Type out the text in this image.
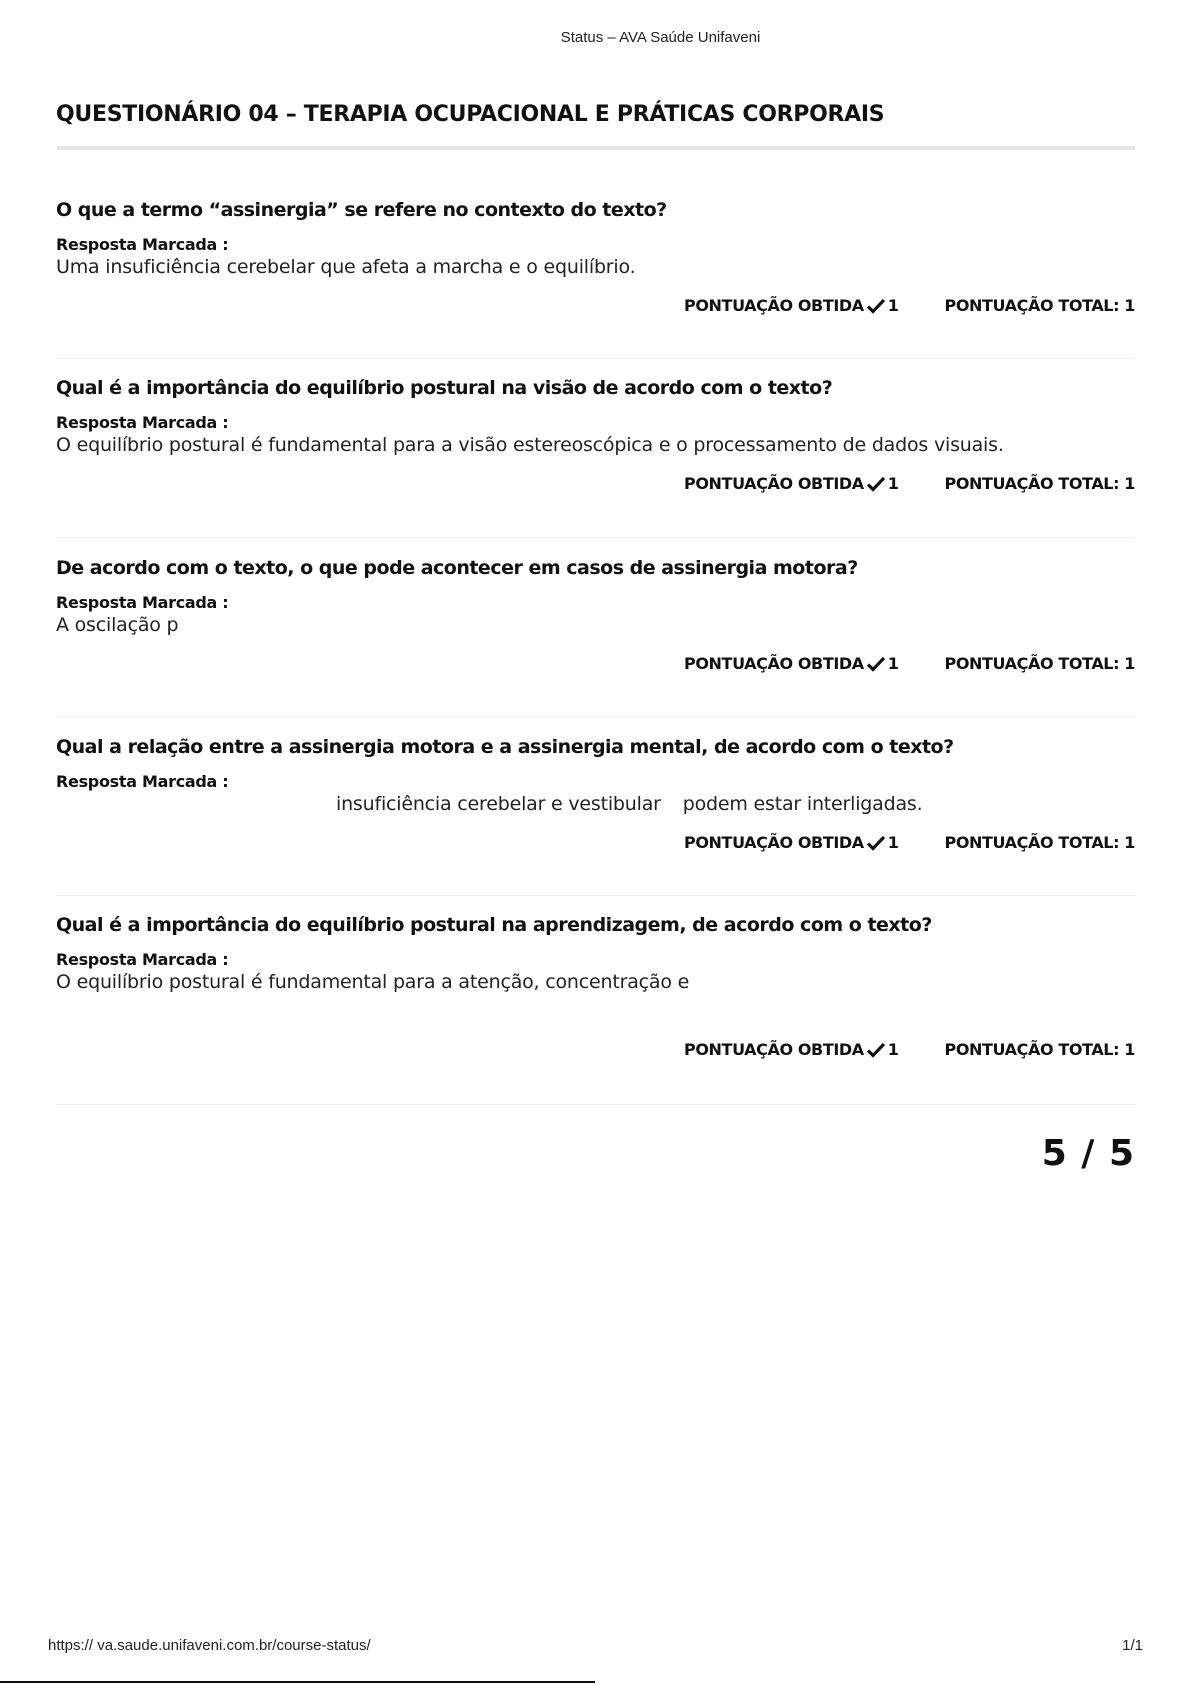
Status – AVA Saúde Unifaveni
QUESTIONÁRIO 04 – TERAPIA OCUPACIONAL E PRÁTICAS CORPORAIS

O que a termo “assinergia” se refere no contexto do texto?

Resposta Marcada :
Uma insuficiência cerebelar que afeta a marcha e o equilíbrio.
PONTUAÇÃO OBTIDA 1	PONTUAÇÃO TOTAL:
1

Qual é a importância do equilíbrio postural na visão de acordo com o texto?

Resposta Marcada :
O equilíbrio postural é fundamental para a visão estereoscópica e o processamento de dados visuais.
PONTUAÇÃO OBTIDA 1	PONTUAÇÃO TOTAL:
1

De acordo com o texto, o que pode acontecer em casos de assinergia motora?

Resposta Marcada :
A oscilação p
PONTUAÇÃO OBTIDA 1	PONTUAÇÃO TOTAL:
1

Qual a relação entre a assinergia motora e a assinergia mental, de acordo com o texto?

Resposta Marcada :
insuficiência cerebelar e vestibular podem estar interligadas.
PONTUAÇÃO OBTIDA 1	PONTUAÇÃO TOTAL:
1

Qual é a importância do equilíbrio postural na aprendizagem, de acordo com o texto?

Resposta Marcada :
O equilíbrio postural é fundamental para a atenção, concentração e
PONTUAÇÃO OBTIDA 1	PONTUAÇÃO TOTAL:
1
5 / 5
https:// va.saude.unifaveni.com.br/course-status/	1/1
